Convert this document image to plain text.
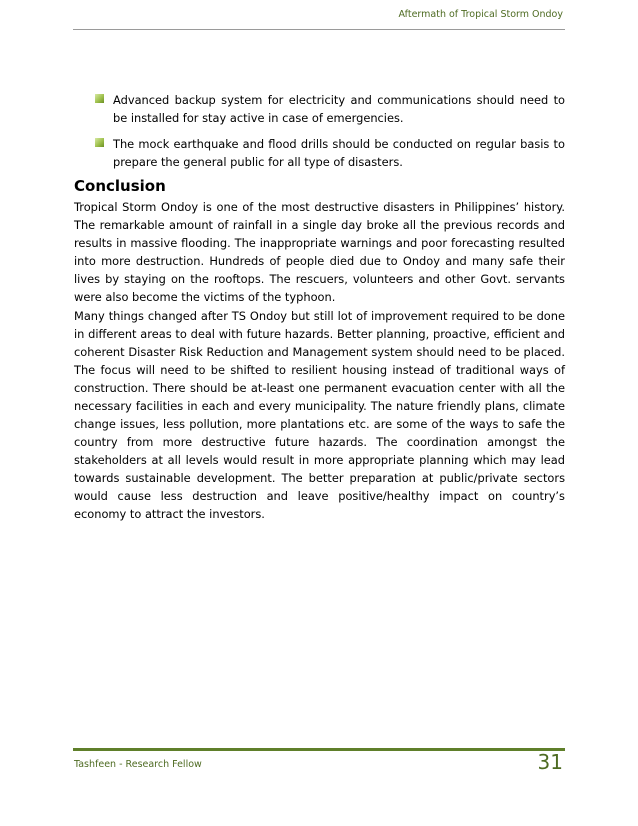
Aftermath of Tropical Storm Ondoy
Advanced backup system for electricity and communications should need to be installed for stay active in case of emergencies.
The mock earthquake and flood drills should be conducted on regular basis to prepare the general public for all type of disasters.
Conclusion

Tropical Storm Ondoy is one of the most destructive disasters in Philippines’ history. The remarkable amount of rainfall in a single day broke all the previous records and results in massive flooding. The inappropriate warnings and poor forecasting resulted into more destruction. Hundreds of people died due to Ondoy and many safe their lives by staying on the rooftops. The rescuers, volunteers and other Govt. servants were also become the victims of the typhoon.

Many things changed after TS Ondoy but still lot of improvement required to be done in different areas to deal with future hazards. Better planning, proactive, efficient and coherent Disaster Risk Reduction and Management system should need to be placed. The focus will need to be shifted to resilient housing instead of traditional ways of construction. There should be at-least one permanent evacuation center with all the necessary facilities in each and every municipality. The nature friendly plans, climate change issues, less pollution, more plantations etc. are some of the ways to safe the country from more destructive future hazards. The coordination amongst the stakeholders at all levels would result in more appropriate planning which may lead towards sustainable development. The better preparation at public/private sectors would cause less destruction and leave positive/healthy impact on country’s economy to attract the investors.

Tashfeen - Research Fellow	31
